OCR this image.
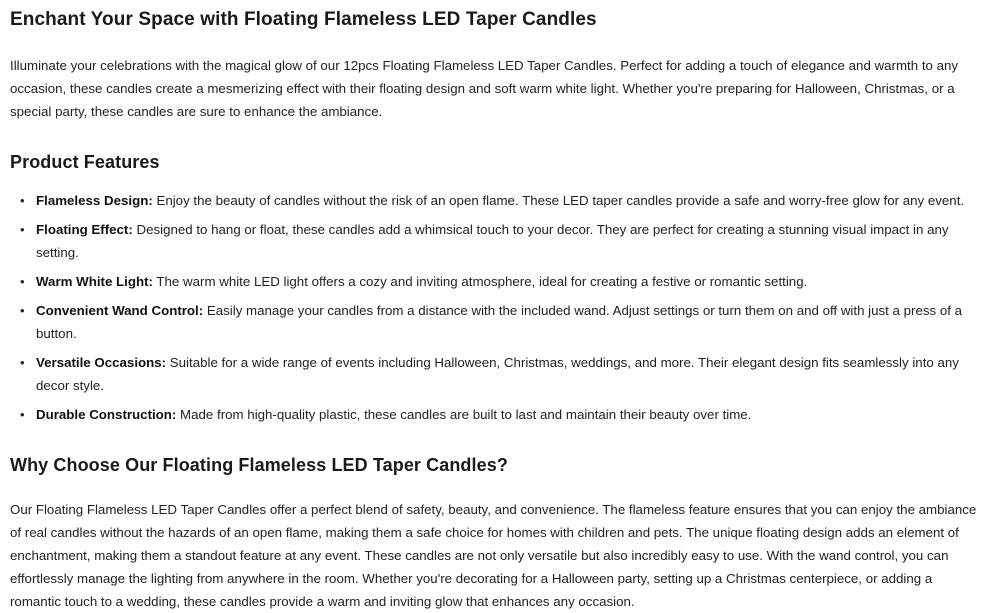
Enchant Your Space with Floating Flameless LED Taper Candles

Illuminate your celebrations with the magical glow of our 12pcs Floating Flameless LED Taper Candles. Perfect for adding a touch of elegance and warmth to any occasion, these candles create a mesmerizing effect with their floating design and soft warm white light. Whether you're preparing for Halloween, Christmas, or a special party, these candles are sure to enhance the ambiance.

Product Features
• Flameless Design: Enjoy the beauty of candles without the risk of an open flame. These LED taper candles provide a safe and worry-free glow for any event.
• Floating Effect: Designed to hang or float, these candles add a whimsical touch to your decor. They are perfect for creating a stunning visual impact in any setting.
• Warm White Light: The warm white LED light offers a cozy and inviting atmosphere, ideal for creating a festive or romantic setting.
• Convenient Wand Control: Easily manage your candles from a distance with the included wand. Adjust settings or turn them on and off with just a press of a button.
• Versatile Occasions: Suitable for a wide range of events including Halloween, Christmas, weddings, and more. Their elegant design fits seamlessly into any decor style.
• Durable Construction: Made from high-quality plastic, these candles are built to last and maintain their beauty over time.
Why Choose Our Floating Flameless LED Taper Candles?

Our Floating Flameless LED Taper Candles offer a perfect blend of safety, beauty, and convenience. The flameless feature ensures that you can enjoy the ambiance of real candles without the hazards of an open flame, making them a safe choice for homes with children and pets. The unique floating design adds an element of enchantment, making them a standout feature at any event. These candles are not only versatile but also incredibly easy to use. With the wand control, you can effortlessly manage the lighting from anywhere in the room. Whether you're decorating for a Halloween party, setting up a Christmas centerpiece, or adding a romantic touch to a wedding, these candles provide a warm and inviting glow that enhances any occasion.
